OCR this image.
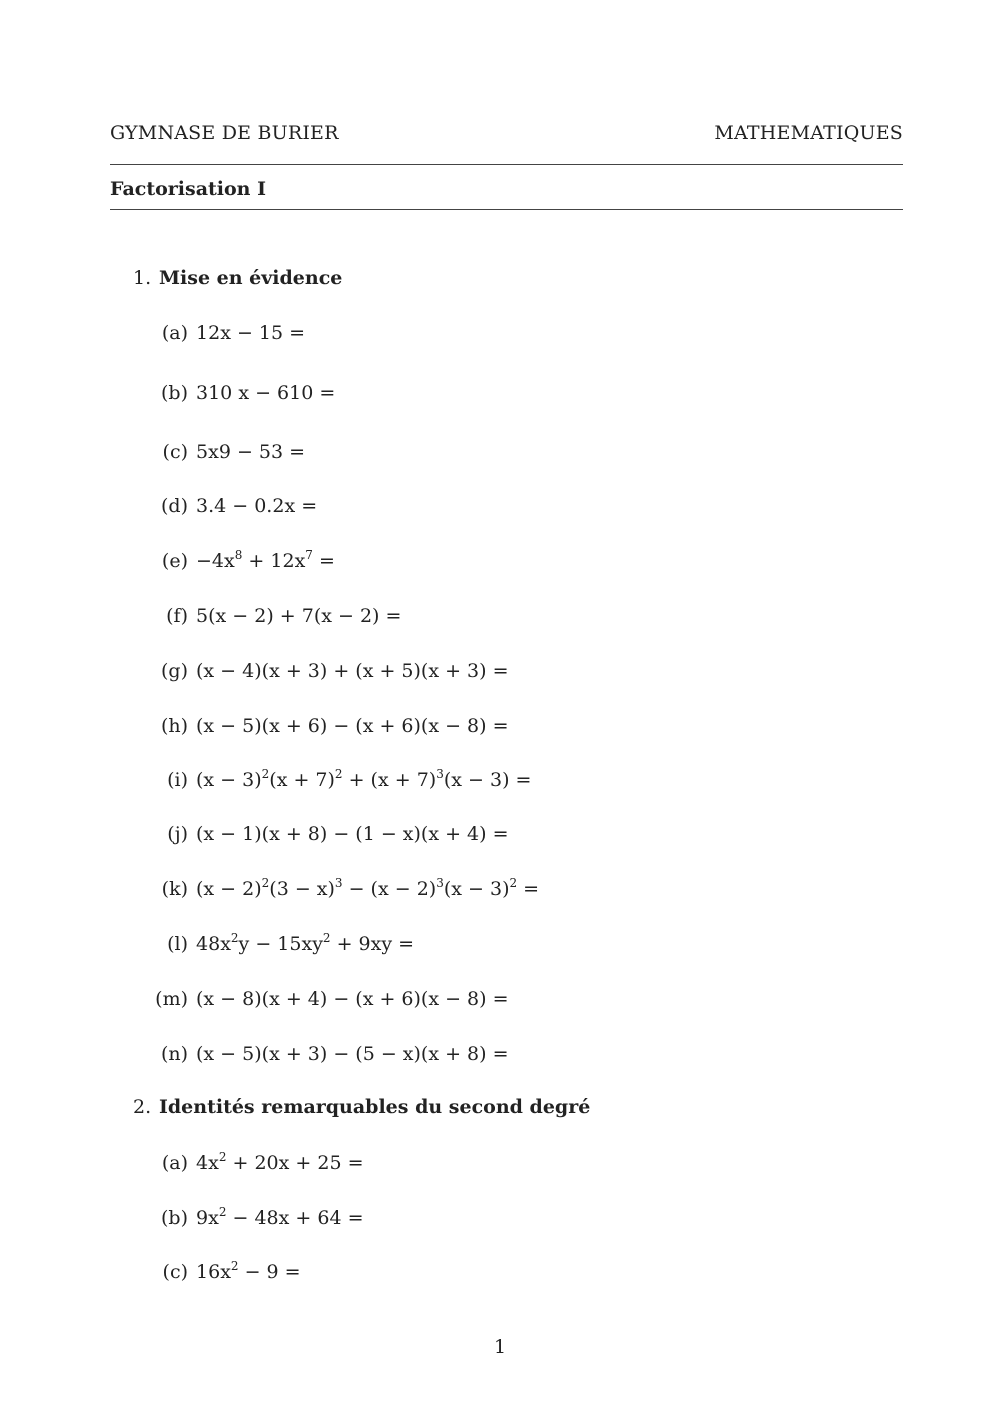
GYMNASE DE BURIER	MATHEMATIQUES
Factorisation I
1. Mise en évidence
(a) 12 x − 15 =
(b) 310 x − 610 =
(c) 5x9 − 53 =
(d) 3.4 − 0.2 x =
(e) −4 $x^8 + 12x^7$ =
(f) 5( x − 2) + 7(x − 2) =
(g) ( x − 4)(x + 3) + (x + 5)(x + 3) =
(h) ( x − 5)(x + 6) − (x + 6)(x − 8) =
(i) ( $x - 3)^2(x + 7)^2 + (x + 7)^3(x - 3)$ =
(j) ( x − 1)(x + 8) − (1 − x)(x + 4) =
(k) ( $x - 2)^2(3 - x)^3 - (x - 2)^3(x - 3)^2$ =
(l) 48 $x^2y - 15xy^2 + 9xy$ =
(m) ( x − 8)(x + 4) − (x + 6)(x − 8) =
(n) ( x − 5)(x + 3) − (5 − x)(x + 8) =
2. Identités remarquables du second degré
(a) 4 $x^2 + 20x + 25$ =
(b) 9 $x^2 - 48x + 64$ =
(c) 16 $x^2 - 9$ =
1
